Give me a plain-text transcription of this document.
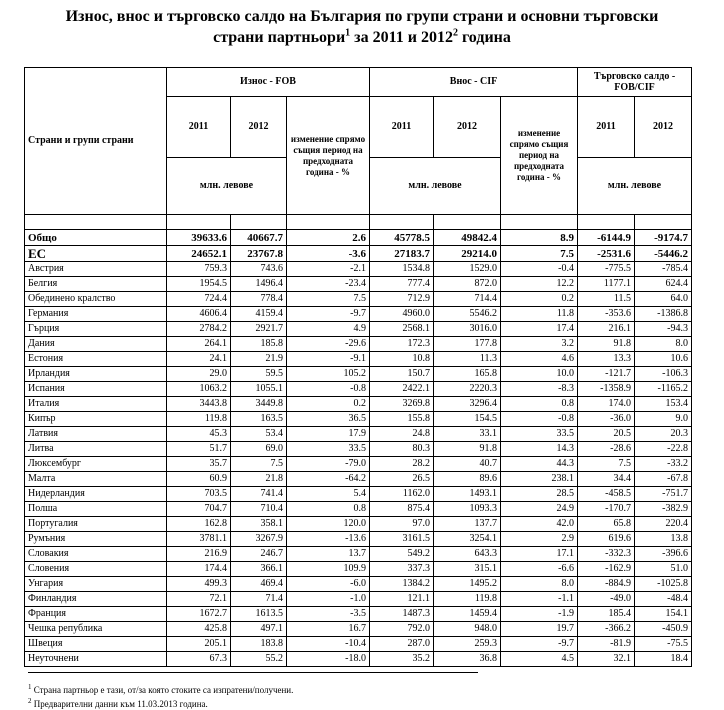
Износ, внос и търговско салдо на България по групи страни и основни търговски
страни партньори$^1$ за 2011 и 2012$^2$ година
Страни и групи страни	Износ - FOB			Внос - CIF			Търговско салдо - FOB/CIF	
	2011	2012	изменение спрямо същия период на предходната година - %	2011	2012	изменение спрямо същия период на предходната година - %	2011	2012
	млн. левове			млн. левове			млн. левове	

Общо	39633.6	40667.7	2.6	45778.5	49842.4	8.9	-6144.9	-9174.7
ЕС	24652.1	23767.8	-3.6	27183.7	29214.0	7.5	-2531.6	-5446.2
Австрия	759.3	743.6	-2.1	1534.8	1529.0	-0.4	-775.5	-785.4
Белгия	1954.5	1496.4	-23.4	777.4	872.0	12.2	1177.1	624.4
Обединено кралство	724.4	778.4	7.5	712.9	714.4	0.2	11.5	64.0
Германия	4606.4	4159.4	-9.7	4960.0	5546.2	11.8	-353.6	-1386.8
Гърция	2784.2	2921.7	4.9	2568.1	3016.0	17.4	216.1	-94.3
Дания	264.1	185.8	-29.6	172.3	177.8	3.2	91.8	8.0
Естония	24.1	21.9	-9.1	10.8	11.3	4.6	13.3	10.6
Ирландия	29.0	59.5	105.2	150.7	165.8	10.0	-121.7	-106.3
Испания	1063.2	1055.1	-0.8	2422.1	2220.3	-8.3	-1358.9	-1165.2
Италия	3443.8	3449.8	0.2	3269.8	3296.4	0.8	174.0	153.4
Кипър	119.8	163.5	36.5	155.8	154.5	-0.8	-36.0	9.0
Латвия	45.3	53.4	17.9	24.8	33.1	33.5	20.5	20.3
Литва	51.7	69.0	33.5	80.3	91.8	14.3	-28.6	-22.8
Люксембург	35.7	7.5	-79.0	28.2	40.7	44.3	7.5	-33.2
Малта	60.9	21.8	-64.2	26.5	89.6	238.1	34.4	-67.8
Нидерландия	703.5	741.4	5.4	1162.0	1493.1	28.5	-458.5	-751.7
Полша	704.7	710.4	0.8	875.4	1093.3	24.9	-170.7	-382.9
Португалия	162.8	358.1	120.0	97.0	137.7	42.0	65.8	220.4
Румъния	3781.1	3267.9	-13.6	3161.5	3254.1	2.9	619.6	13.8
Словакия	216.9	246.7	13.7	549.2	643.3	17.1	-332.3	-396.6
Словения	174.4	366.1	109.9	337.3	315.1	-6.6	-162.9	51.0
Унгария	499.3	469.4	-6.0	1384.2	1495.2	8.0	-884.9	-1025.8
Финландия	72.1	71.4	-1.0	121.1	119.8	-1.1	-49.0	-48.4
Франция	1672.7	1613.5	-3.5	1487.3	1459.4	-1.9	185.4	154.1
Чешка република	425.8	497.1	16.7	792.0	948.0	19.7	-366.2	-450.9
Швеция	205.1	183.8	-10.4	287.0	259.3	-9.7	-81.9	-75.5
Неуточнени	67.3	55.2	-18.0	35.2	36.8	4.5	32.1	18.4
$^1$ Страна партньор е тази, от/за която стоките са изпратени/получени.
$^2$ Предварителни данни към 11.03.2013 година.
